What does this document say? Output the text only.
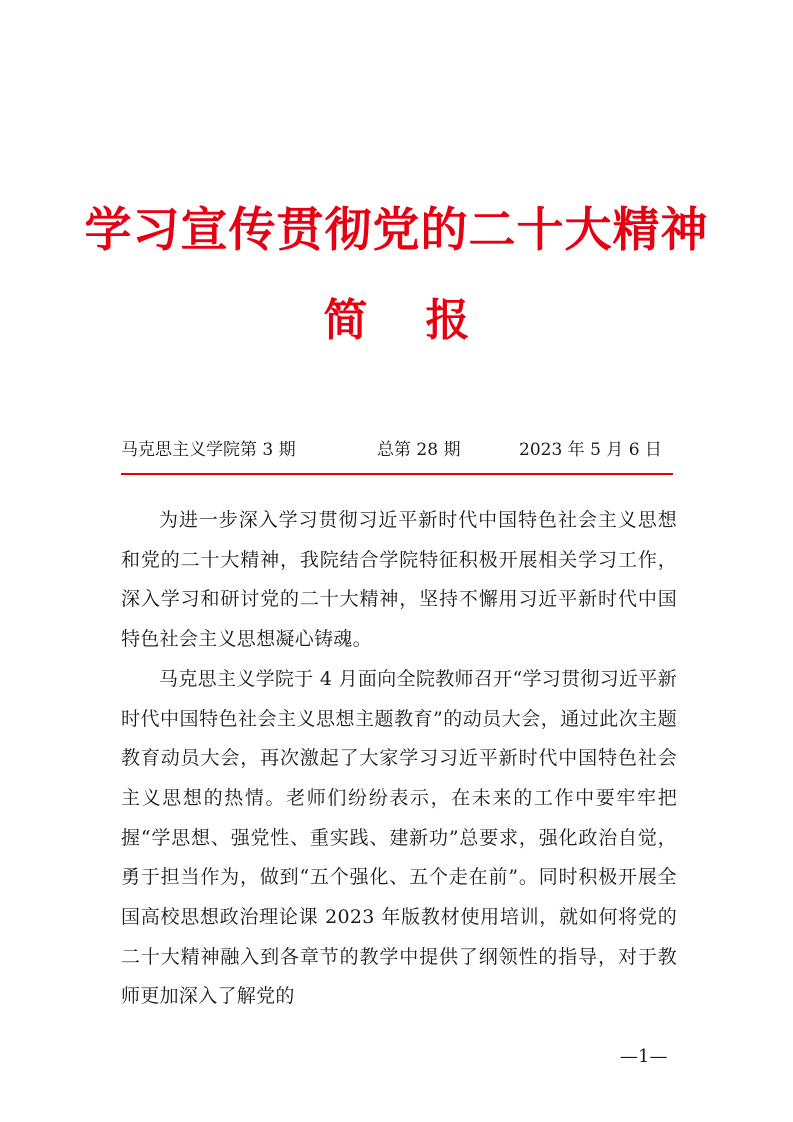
学习宣传贯彻党的二十大精神
简 报
马克思主义学院第 3 期	总第 28 期	2023 年 5 月 6 日

为进一步深入学习贯彻习近平新时代中国特色社会主义思想和党的二十大精神，我院结合学院特征积极开展相关学习工作，深入学习和研讨党的二十大精神，坚持不懈用习近平新时代中国特色社会主义思想凝心铸魂。

马克思主义学院于 4 月面向全院教师召开“学习贯彻习近平新时代中国特色社会主义思想主题教育”的动员大会，通过此次主题教育动员大会，再次激起了大家学习习近平新时代中国特色社会主义思想的热情。老师们纷纷表示，在未来的工作中要牢牢把握“学思想、强党性、重实践、建新功”总要求，强化政治自觉，勇于担当作为，做到“五个强化、五个走在前”。同时积极开展全国高校思想政治理论课 2023 年版教材使用培训，就如何将党的二十大精神融入到各章节的教学中提供了纲领性的指导，对于教师更加深入了解党的

—1—
